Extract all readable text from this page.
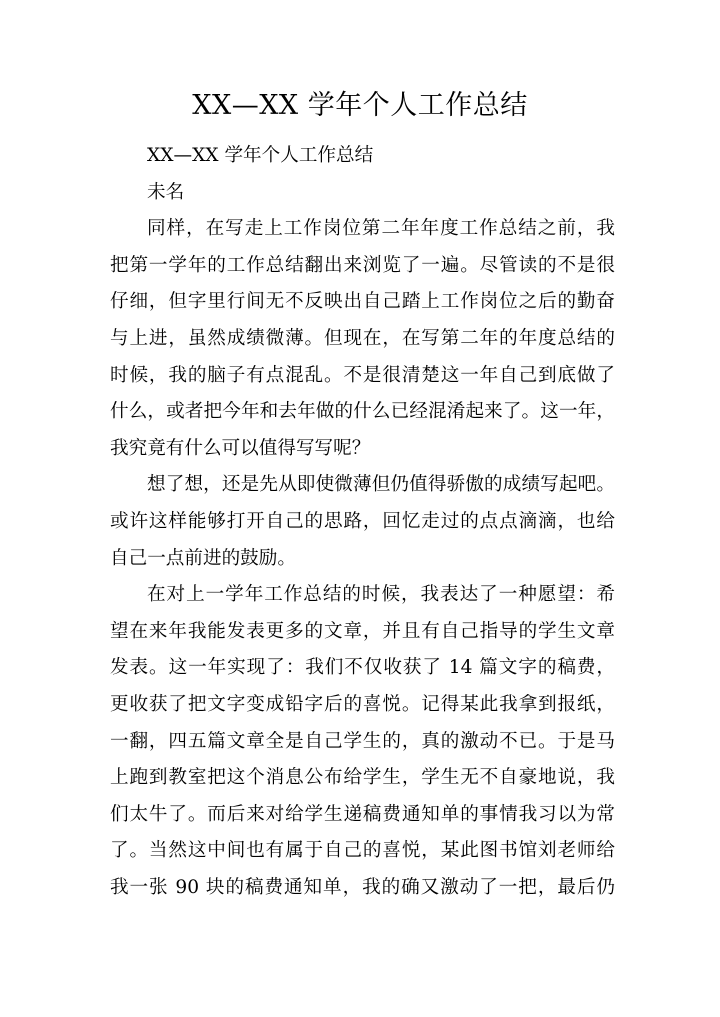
XX—XX 学年个人工作总结

XX—XX 学年个人工作总结

未名

同样，在写走上工作岗位第二年年度工作总结之前，我
把第一学年的工作总结翻出来浏览了一遍。尽管读的不是很
仔细，但字里行间无不反映出自己踏上工作岗位之后的勤奋
与上进，虽然成绩微薄。但现在，在写第二年的年度总结的
时候，我的脑子有点混乱。不是很清楚这一年自己到底做了
什么，或者把今年和去年做的什么已经混淆起来了。这一年，
我究竟有什么可以值得写写呢？
想了想，还是先从即使微薄但仍值得骄傲的成绩写起吧。
或许这样能够打开自己的思路，回忆走过的点点滴滴，也给
自己一点前进的鼓励。
在对上一学年工作总结的时候，我表达了一种愿望：希
望在来年我能发表更多的文章，并且有自己指导的学生文章
发表。这一年实现了：我们不仅收获了 14 篇文字的稿费，
更收获了把文字变成铅字后的喜悦。记得某此我拿到报纸，
一翻，四五篇文章全是自己学生的，真的激动不已。于是马
上跑到教室把这个消息公布给学生，学生无不自豪地说，我
们太牛了。而后来对给学生递稿费通知单的事情我习以为常
了。当然这中间也有属于自己的喜悦，某此图书馆刘老师给
我一张 90 块的稿费通知单，我的确又激动了一把，最后仍
